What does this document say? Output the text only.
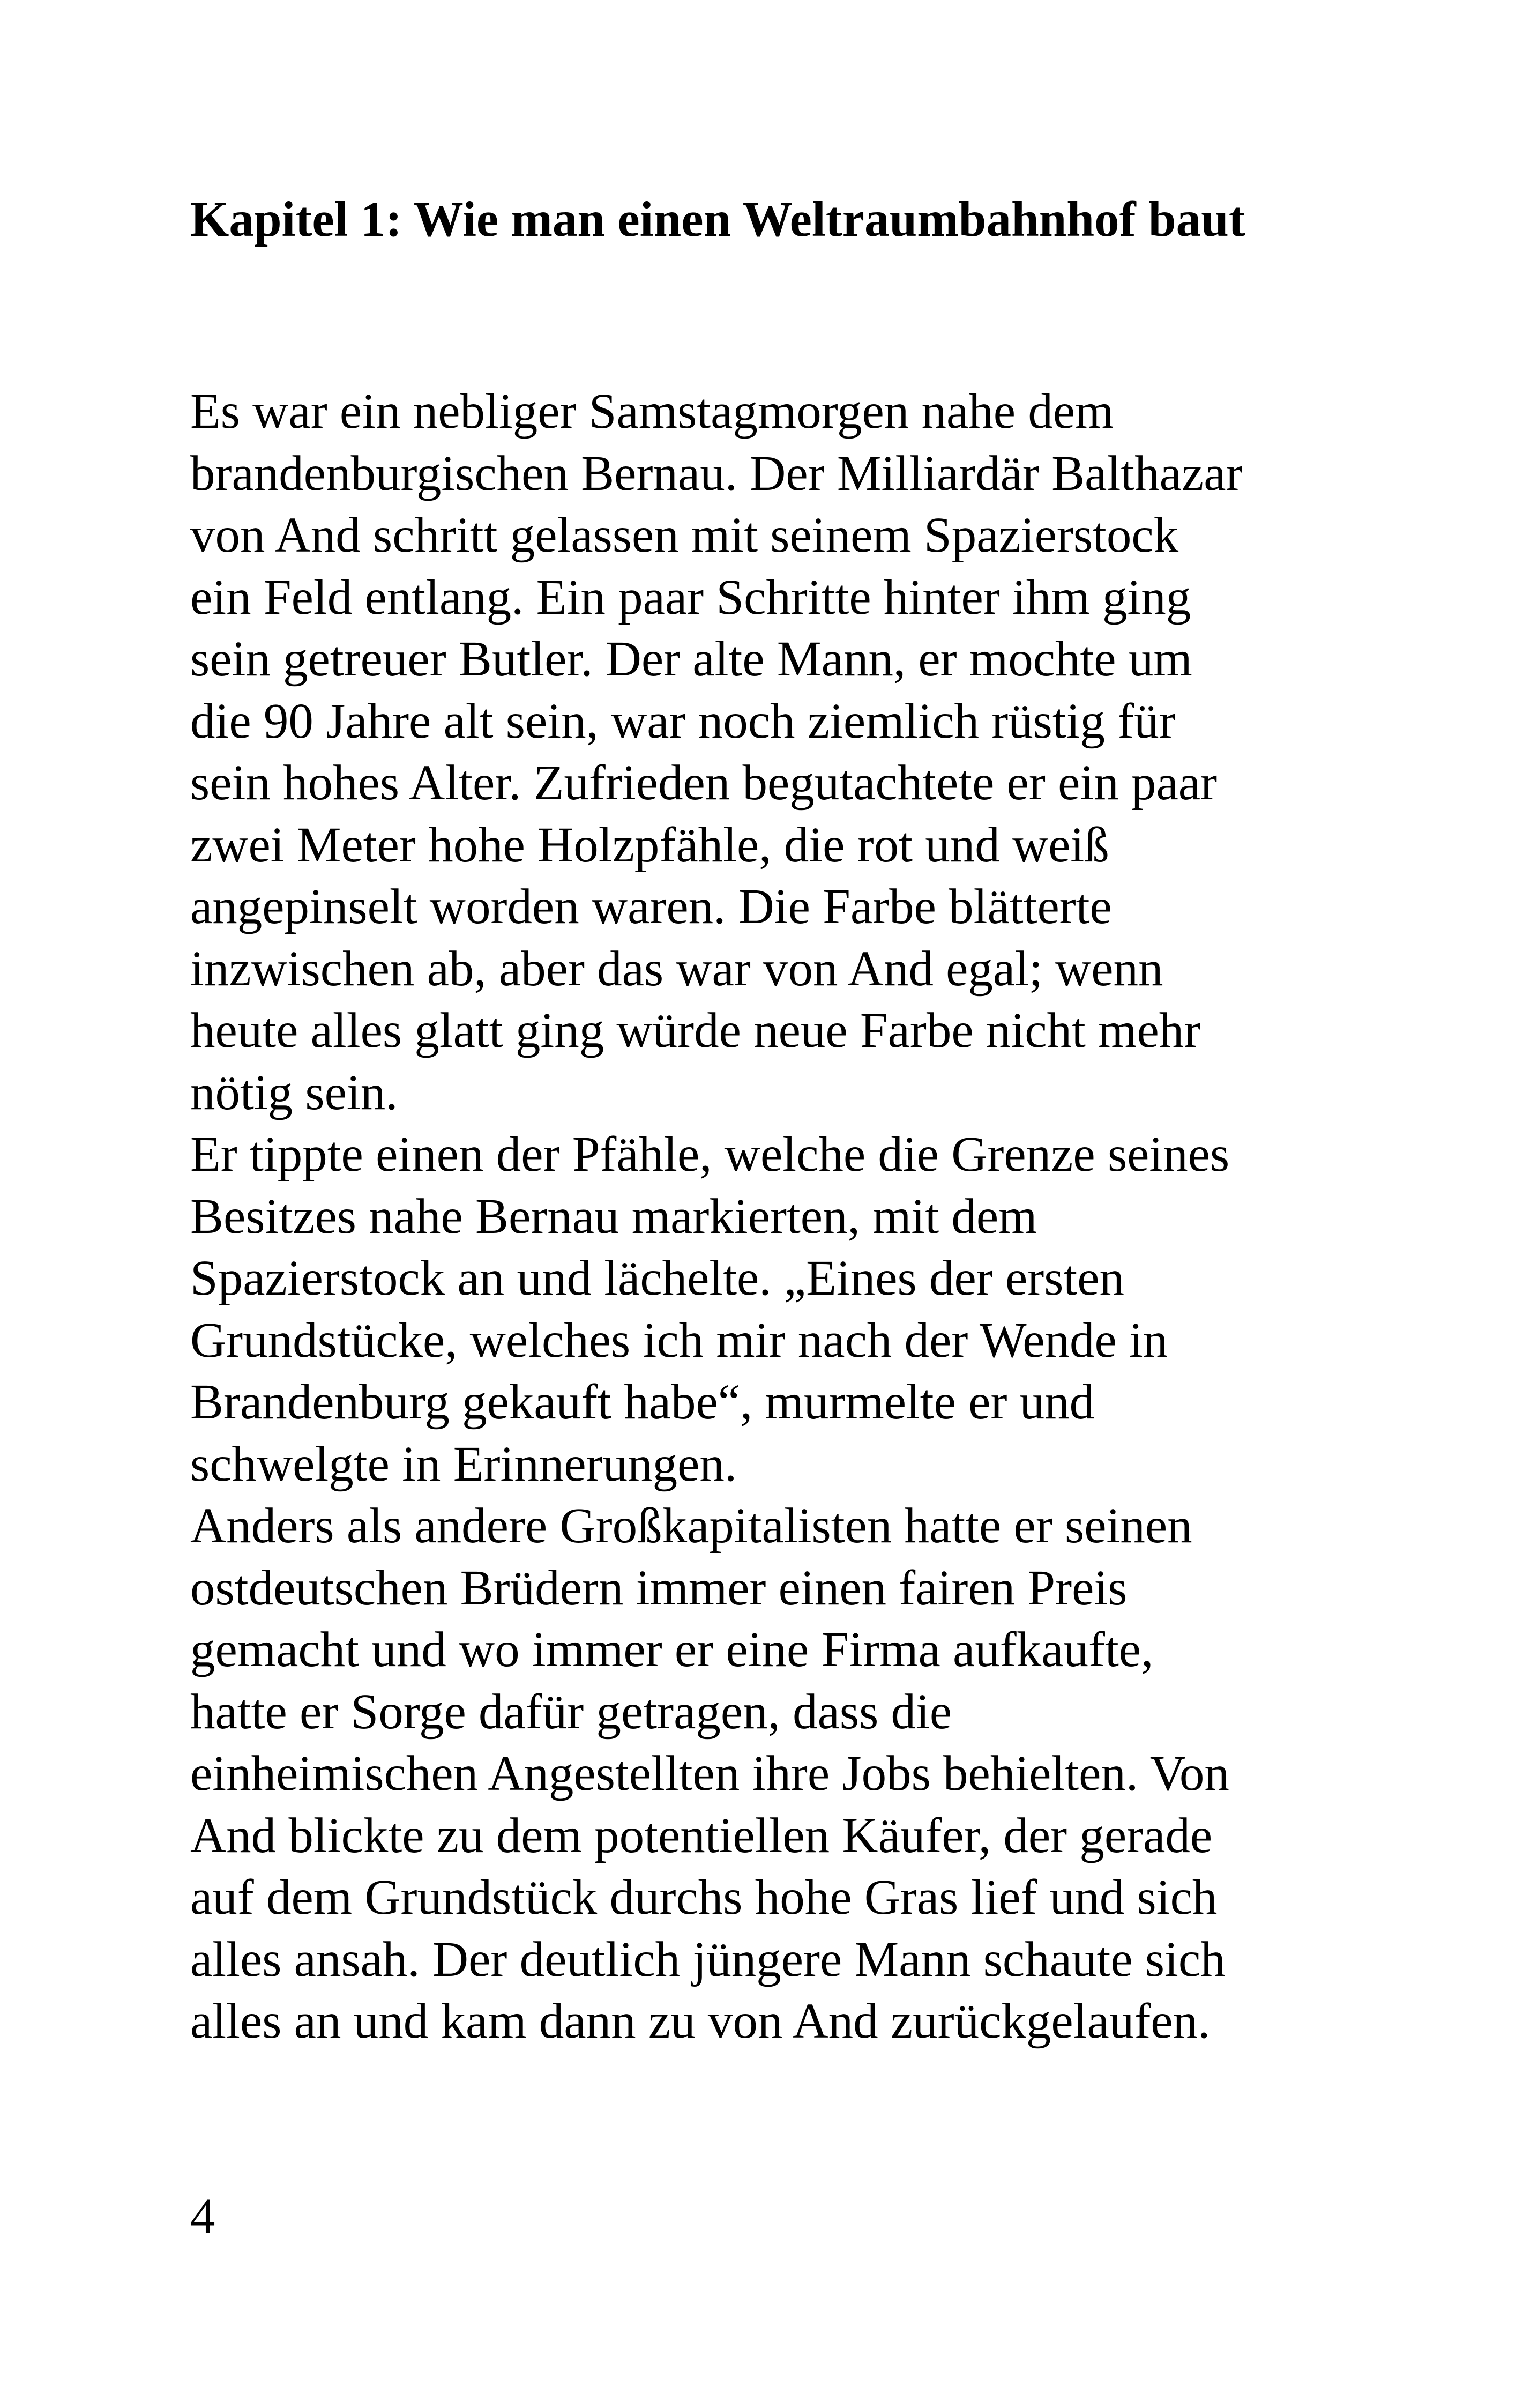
Kapitel 1: Wie man einen Weltraumbahnhof baut
Es war ein nebliger Samstagmorgen nahe dem
brandenburgischen Bernau. Der Milliardär Balthazar
von And schritt gelassen mit seinem Spazierstock
ein Feld entlang. Ein paar Schritte hinter ihm ging
sein getreuer Butler. Der alte Mann, er mochte um
die 90 Jahre alt sein, war noch ziemlich rüstig für
sein hohes Alter. Zufrieden begutachtete er ein paar
zwei Meter hohe Holzpfähle, die rot und weiß
angepinselt worden waren. Die Farbe blätterte
inzwischen ab, aber das war von And egal; wenn
heute alles glatt ging würde neue Farbe nicht mehr
nötig sein.
Er tippte einen der Pfähle, welche die Grenze seines
Besitzes nahe Bernau markierten, mit dem
Spazierstock an und lächelte. „Eines der ersten
Grundstücke, welches ich mir nach der Wende in
Brandenburg gekauft habe“, murmelte er und
schwelgte in Erinnerungen.
Anders als andere Großkapitalisten hatte er seinen
ostdeutschen Brüdern immer einen fairen Preis
gemacht und wo immer er eine Firma aufkaufte,
hatte er Sorge dafür getragen, dass die
einheimischen Angestellten ihre Jobs behielten. Von
And blickte zu dem potentiellen Käufer, der gerade
auf dem Grundstück durchs hohe Gras lief und sich
alles ansah. Der deutlich jüngere Mann schaute sich
alles an und kam dann zu von And zurückgelaufen.
4
